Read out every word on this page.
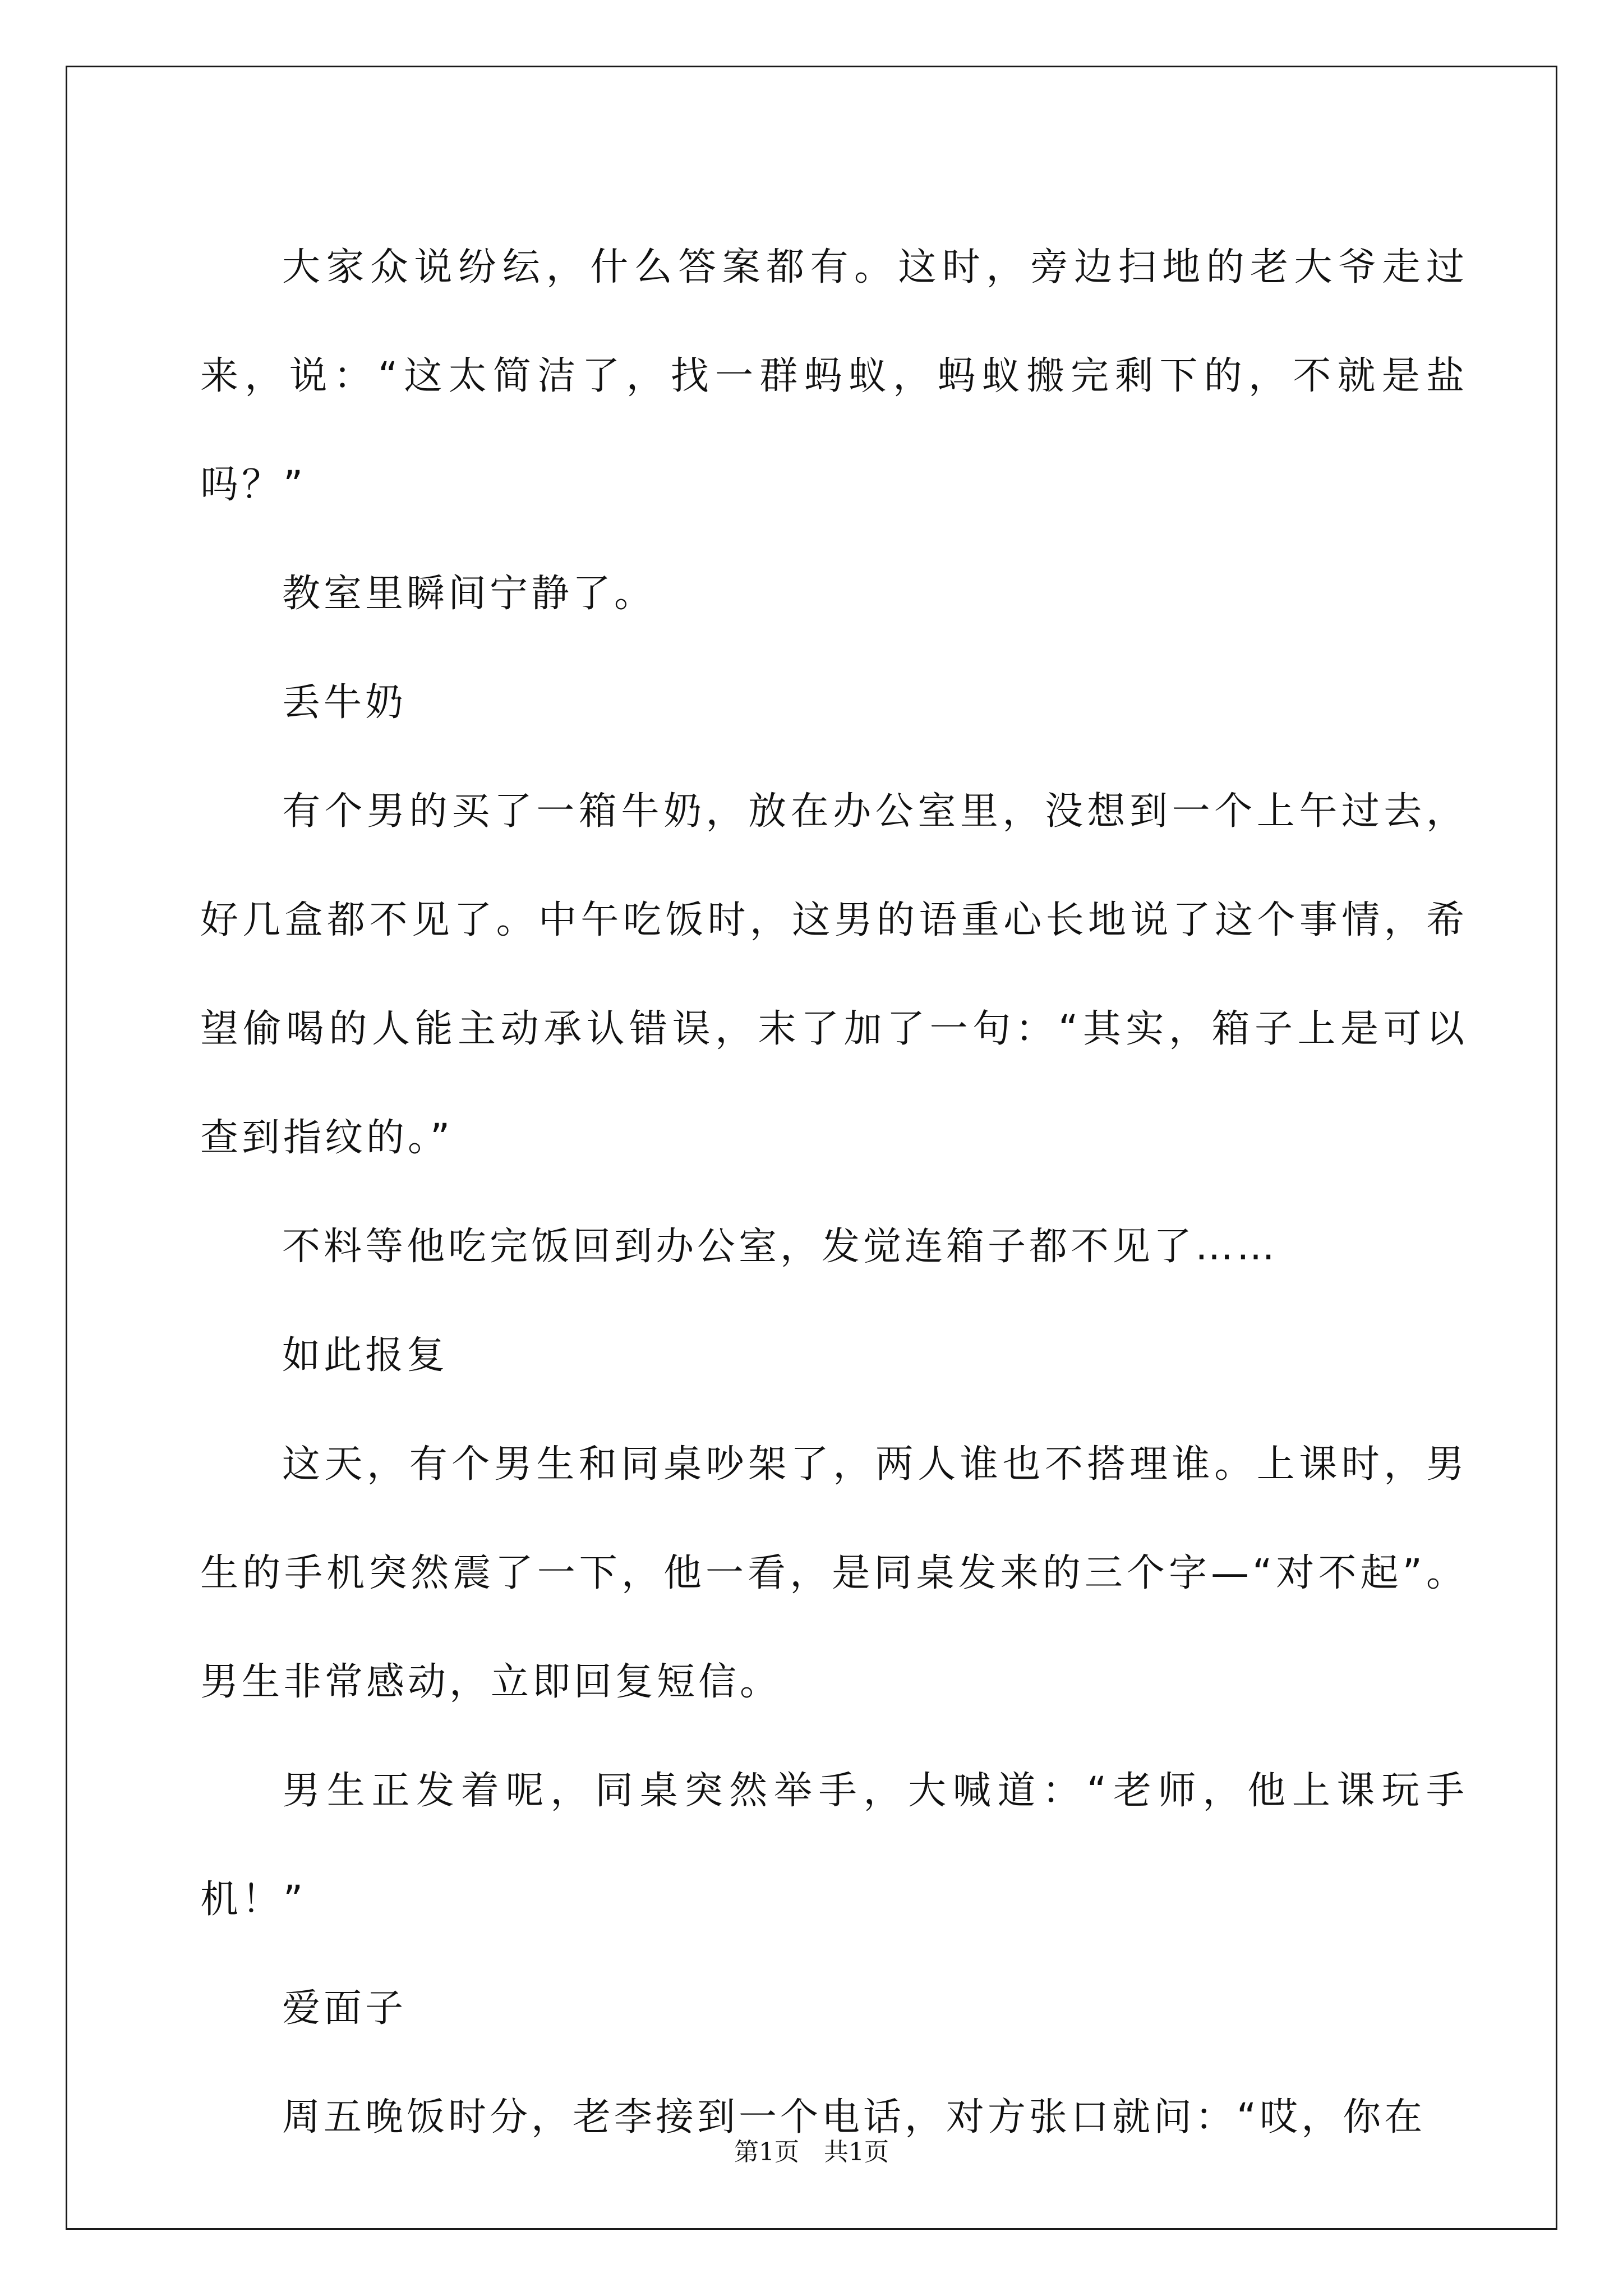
大家众说纷纭，什么答案都有。这时，旁边扫地的老大爷走过来，说：“这太简洁了，找一群蚂蚁，蚂蚁搬完剩下的，不就是盐吗？”

教室里瞬间宁静了。

丢牛奶

有个男的买了一箱牛奶，放在办公室里，没想到一个上午过去，好几盒都不见了。中午吃饭时，这男的语重心长地说了这个事情，希望偷喝的人能主动承认错误，末了加了一句：“其实，箱子上是可以查到指纹的。”

不料等他吃完饭回到办公室，发觉连箱子都不见了……

如此报复

这天，有个男生和同桌吵架了，两人谁也不搭理谁。上课时，男生的手机突然震了一下，他一看，是同桌发来的三个字—“对不起”。男生非常感动，立即回复短信。

男生正发着呢，同桌突然举手，大喊道：“老师，他上课玩手机！”

爱面子

周五晚饭时分，老李接到一个电话，对方张口就问：“哎，你在

第1页　共1页
